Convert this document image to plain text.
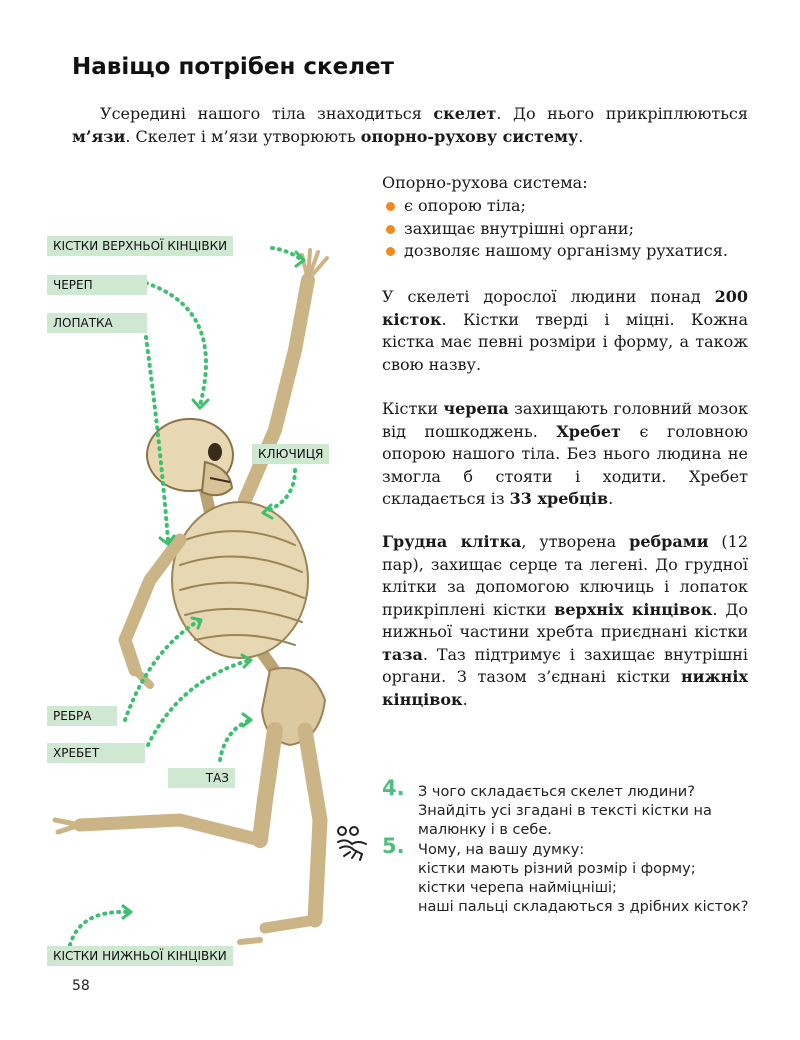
Навіщо потрібен скелет

Усередині нашого тіла знаходиться скелет. До нього прикріплюються м’язи. Скелет і м’язи утворюють опорно-рухову систему.

Опорно-рухова система:

є опорою тіла;
захищає внутрішні органи;
дозволяє нашому організму рухатися.

У скелеті дорослої людини понад 200 кісток. Кістки тверді і міцні. Кожна кістка має певні розміри і форму, а також свою назву.

Кістки черепа захищають головний мозок від пошкоджень. Хребет є головною опорою нашого тіла. Без нього людина не змогла б стояти і ходити. Хребет складається із 33 хребців.

Грудна клітка, утворена ребрами (12 пар), захищає серце та легені. До грудної клітки за допомогою ключиць і лопаток прикріплені кістки верхніх кінцівок. До нижньої частини хребта приєднані кістки таза. Таз підтримує і захищає внутрішні органи. З тазом з’єднані кістки нижніх кінцівок.

КІСТКИ ВЕРХНЬОЇ КІНЦІВКИ
ЧЕРЕП
ЛОПАТКА
КЛЮЧИЦЯ
РЕБРА
ХРЕБЕТ
ТАЗ
КІСТКИ НИЖНЬОЇ КІНЦІВКИ
4. З чого складається скелет людини? Знайдіть усі згадані в тексті кістки на малюнку і в себе.
5. Чому, на вашу думку:
кістки мають різний розмір і форму;
кістки черепа найміцніші;
наші пальці складаються з дрібних кісток?
58
